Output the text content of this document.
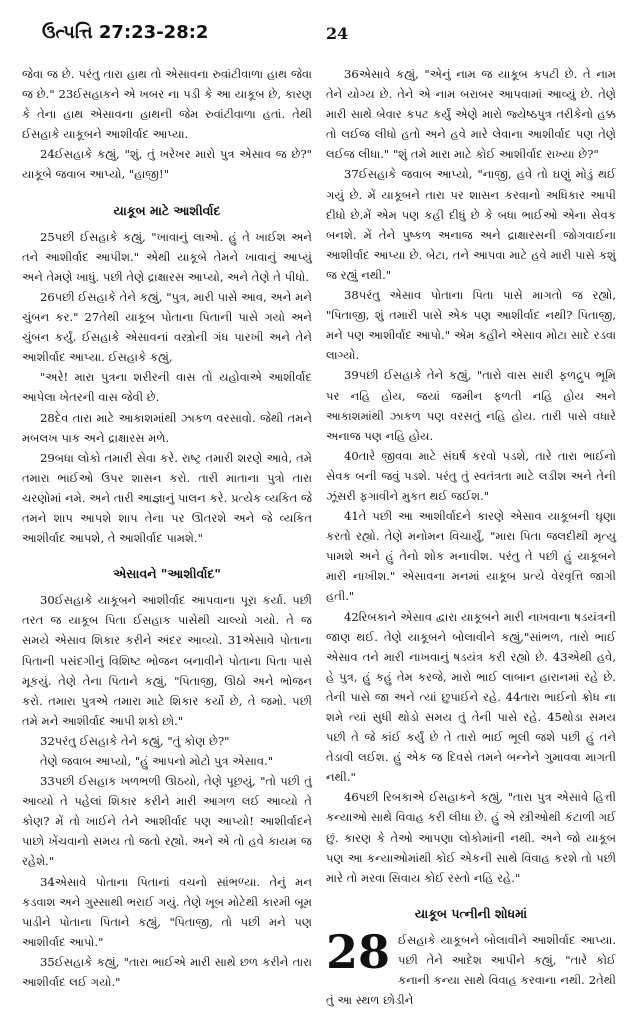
ઉત્પત્તિ 27:23-28:2	24

જેવા જ છે. પરંતુ તારા હાથ તો એસાવના રુવાંટીવાળા હાથ જેવા જ છે." 23ઈસહાકને એ ખબર ના પડી કે આ યાકૂબ છે, કારણ કે તેના હાથ એસાવના હાથની જેમ રુવાંટીવાળા હતાં. તેથી ઈસહાકે યાકૂબને આશીર્વાદ આપ્યા.

24ઈસહાકે કહ્યું, "શું, તું ખરેખર મારો પુત્ર એસાવ જ છે?" યાકૂબે જવાબ આપ્યો, "હાજી!"

યાકૂબ માટે આશીર્વાદ

25પછી ઈસહાકે કહ્યું, "ખાવાનું લાઓ. હું તે ખાઈશ અને તને આશીર્વાદ આપીશ." એથી યાકૂબે તેમને ખાવાનું આપ્યું અને તેમણે ખાધું. પછી તેણે દ્રાક્ષારસ આપ્યો, અને તેણે તે પીધો.

26પછી ઈસહાકે તેને કહ્યું, "પુત્ર, મારી પાસે આવ, અને મને ચુંબન કર." 27તેથી યાકૂબ પોતાના પિતાની પાસે ગયો અને ચુંબન કર્યું. ઈસહાકે એસાવનાં વસ્ત્રોની ગંધ પારખી અને તેને આશીર્વાદ આપ્યા. ઈસહાકે કહ્યું,

"અરે! મારા પુત્રના શરીરની વાસ તો યહોવાએ આશીર્વાદ આપેલા ખેતરની વાસ જેવી છે.

28દેવ તારા માટે આકાશમાંથી ઝાકળ વરસાવો. જેથી તમને મબલખ પાક અને દ્રાક્ષારસ મળે.

29બધા લોકો તમારી સેવા કરે. રાષ્ટ્ર તમારી શરણે આવે, તમે તમારા ભાઈઓ ઉપર શાસન કરો. તારી માતાના પુત્રો તારા ચરણોમાં નમે. અને તારી આજ્ઞાનું પાલન કરે. પ્રત્યેક વ્યકિત જે તમને શાપ આપશે શાપ તેના પર ઊતરશે અને જે વ્યકિત આશીર્વાદ આપશે, તે આશીર્વાદ પામશે."

એસાવને "આશીર્વાદ"

30ઈસહાકે યાકૂબને આશીર્વાદ આપવાના પૂરા કર્યા. પછી તરત જ યાકૂબ પિતા ઈસહાક પાસેથી ચાલ્યો ગયો. તે જ સમયે એસાવ શિકાર કરીને અંદર આવ્યો. 31એસાવે પોતાના પિતાની પસંદગીનું વિશિષ્ટ ભોજન બનાવીને પોતાના પિતા પાસે મૂકયું. તેણે તેના પિતાને કહ્યું, "પિતાજી, ઊઠો અને ભોજન કરો. તમારા પુત્રએ તમારા માટે શિકાર કર્યો છે, તે જમો. પછી તમે મને આશીર્વાદ આપી શકો છો."

32પરંતુ ઈસહાકે તેને કહ્યું, "તું કોણ છે?"

તેણે જવાબ આપ્યો, "હું આપનો મોટો પુત્ર એસાવ."

33પછી ઈસહાક ખળભળી ઊઠયો, તેણે પૂછયું, "તો પછી તું આવ્યો તે પહેલાં શિકાર કરીને મારી આગળ લઈ આવ્યો તે કોણ? મેં તો ખાઈને તેને આશીર્વાદ પણ આપ્યો! આશીર્વાદને પાછો ખેંચવાનો સમય તો જતો રહ્યો. અને એ તો હવે કાયમ જ રહેશે."

34એસાવે પોતાના પિતાનાં વચનો સાંભળ્યા. તેનું મન કડવાશ અને ગુસ્સાથી ભરાઈ ગયું. તેણે ખૂબ મોટેથી કારમી બૂમ પાડીને પોતાના પિતાને કહ્યું, "પિતાજી, તો પછી મને પણ આશીર્વાદ આપો."

35ઈસહાકે કહ્યું, "તારા ભાઈએ મારી સાથે છળ કરીને તારા આશીર્વાદ લઈ ગયો."

36એસાવે કહ્યું, "એનું નામ જ યાકૂબ કપટી છે. તે નામ તેને યોગ્ય છે. તેને એ નામ બરાબર આપવામાં આવ્યું છે. તેણે મારી સાથે બેવાર કપટ કર્યું એણે મારો જ્યેષ્ઠપુત્ર તરીકેનો હક્ક તો લઈજ લીધો હતો અને હવે મારે લેવાના આશીર્વાદ પણ તેણે લઈજ લીધા." "શું તમે મારા માટે કોઈ આશીર્વાદ રાખ્યા છે?"

37ઈસહાકે જવાબ આપ્યો, "નાજી, હવે તો ઘણું મોડું થઈ ગયું છે. મેં યાકૂબને તારા પર શાસન કરવાનો અધિકાર આપી દીધો છે.મેં એમ પણ કહી દીધું છે કે બધા ભાઈઓ એના સેવક બનશે. મેં તેને પુષ્કળ અનાજ અને દ્રાક્ષારસની જોગવાઈના આશીર્વાદ આપ્યા છે. બેટા, તને આપવા માટે હવે મારી પાસે કશું જ રહ્યું નથી."

38પરંતુ એસાવ પોતાના પિતા પાસે માગતો જ રહ્યો, "પિતાજી, શું તમારી પાસે એક પણ આશીર્વાદ નથી? પિતાજી, મને પણ આશીર્વાદ આપો." એમ કહીને એસાવ મોટા સાદે રડવા લાગ્યો.

39પછી ઈસહાકે તેને કહ્યું, "તારો વાસ સારી ફળદ્રુપ ભૂમિ પર નહિ હોય, જયાં જમીન ફળતી નહિ હોય અને આકાશમાંથી ઝાકળ પણ વરસતું નહિ હોય. તારી પાસે વધારે અનાજ પણ નહિ હોય.

40તારે જીવવા માટે સંઘર્ષ કરવો પડશે, તારે તારા ભાઈનો સેવક બની જવું પડશે. પરંતુ તું સ્વતંત્રતા માટે લડીશ અને તેની ઝૂંસરી ફગાવીને મુકત થઈ જઈશ."

41તે પછી આ આશીર્વાદને કારણે એસાવ યાકૂબની ઘૃણા કરતો રહ્યો. તેણે મનોમન વિચાર્યું, "મારા પિતા જલદીથી મૃત્યુ પામશે અને હું તેનો શોક મનાવીશ. પરંતુ તે પછી હું યાકૂબને મારી નાખીશ." એસાવના મનમાં યાકૂબ પ્રત્યે વેરવૃત્તિ જાગી હતી."

42રિબકાને એસાવ દ્વારા યાકૂબને મારી નાખવાના ષડયંત્રની જાણ થઈ. તેણે યાકૂબને બોલાવીને કહ્યું,"સાંભળ, તારો ભાઈ એસાવ તને મારી નાખવાનું ષડયંત્ર કરી રહ્યો છે. 43એથી હવે, હે પુત્ર, હું કહું તેમ કરજે, મારો ભાઈ લાબાન હારાનમાં રહે છે. તેની પાસે જા અને ત્યાં છુપાઈને રહે. 44તારા ભાઈનો ક્રોધ ના શમે ત્યાં સુધી થોડો સમય તું તેની પાસે રહે. 45થોડા સમય પછી તે જે કાંઈ કર્યું છે તે તારો ભાઈ ભૂલી જશે પછી હું તને તેડાવી લઈશ. હું એક જ દિવસે તમને બન્નેને ગુમાવવા માગતી નથી."

46પછી રિબકાએ ઈસહાકને કહ્યું, "તારા પુત્ર એસાવે હિત્તી કન્યાઓ સાથે વિવાહ કરી લીધા છે. હું એ સ્ત્રીઓથી કંટાળી ગઈ છું. કારણ કે તેઓ આપણા લોકોમાંની નથી. અને જો યાકૂબ પણ આ કન્યાઓમાંથી કોઈ એકની સાથે વિવાહ કરશે તો પછી મારે તો મરવા સિવાય કોઈ રસ્તો નહિ રહે."

યાકૂબ પત્નીની શોધમાં

28 ઈસહાકે યાકૂબને બોલાવીને આશીર્વાદ આપ્યા. પછી તેને આદેશ આપીને કહ્યું, "તારે કોઈ કનાની કન્યા સાથે વિવાહ કરવાના નથી. 2તેથી તું આ સ્થળ છોડીને
